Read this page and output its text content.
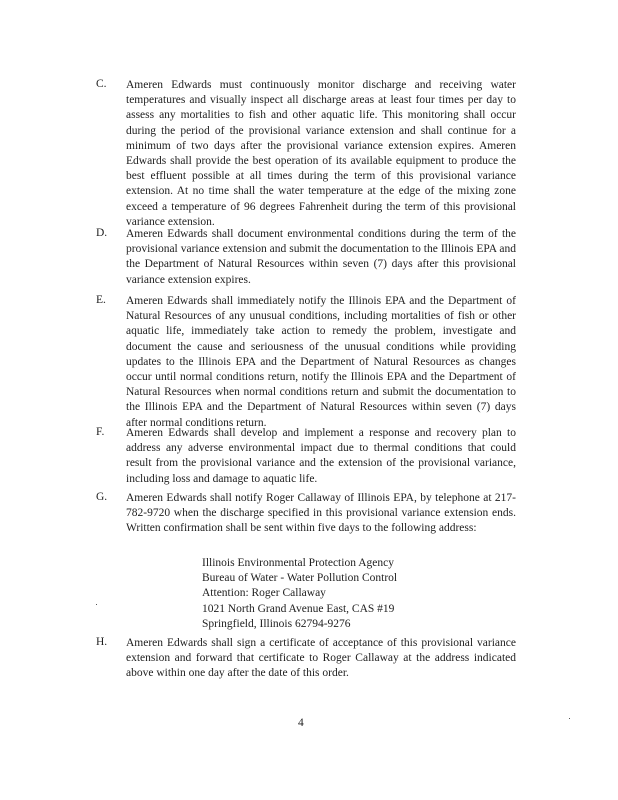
C. Ameren Edwards must continuously monitor discharge and receiving water temperatures and visually inspect all discharge areas at least four times per day to assess any mortalities to fish and other aquatic life. This monitoring shall occur during the period of the provisional variance extension and shall continue for a minimum of two days after the provisional variance extension expires. Ameren Edwards shall provide the best operation of its available equipment to produce the best effluent possible at all times during the term of this provisional variance extension. At no time shall the water temperature at the edge of the mixing zone exceed a temperature of 96 degrees Fahrenheit during the term of this provisional variance extension.
D. Ameren Edwards shall document environmental conditions during the term of the provisional variance extension and submit the documentation to the Illinois EPA and the Department of Natural Resources within seven (7) days after this provisional variance extension expires.
E. Ameren Edwards shall immediately notify the Illinois EPA and the Department of Natural Resources of any unusual conditions, including mortalities of fish or other aquatic life, immediately take action to remedy the problem, investigate and document the cause and seriousness of the unusual conditions while providing updates to the Illinois EPA and the Department of Natural Resources as changes occur until normal conditions return, notify the Illinois EPA and the Department of Natural Resources when normal conditions return and submit the documentation to the Illinois EPA and the Department of Natural Resources within seven (7) days after normal conditions return.
F. Ameren Edwards shall develop and implement a response and recovery plan to address any adverse environmental impact due to thermal conditions that could result from the provisional variance and the extension of the provisional variance, including loss and damage to aquatic life.
G. Ameren Edwards shall notify Roger Callaway of Illinois EPA, by telephone at 217-782-9720 when the discharge specified in this provisional variance extension ends. Written confirmation shall be sent within five days to the following address:
Illinois Environmental Protection Agency
Bureau of Water - Water Pollution Control
Attention: Roger Callaway
1021 North Grand Avenue East, CAS #19
Springfield, Illinois 62794-9276
H. Ameren Edwards shall sign a certificate of acceptance of this provisional variance extension and forward that certificate to Roger Callaway at the address indicated above within one day after the date of this order.
4
